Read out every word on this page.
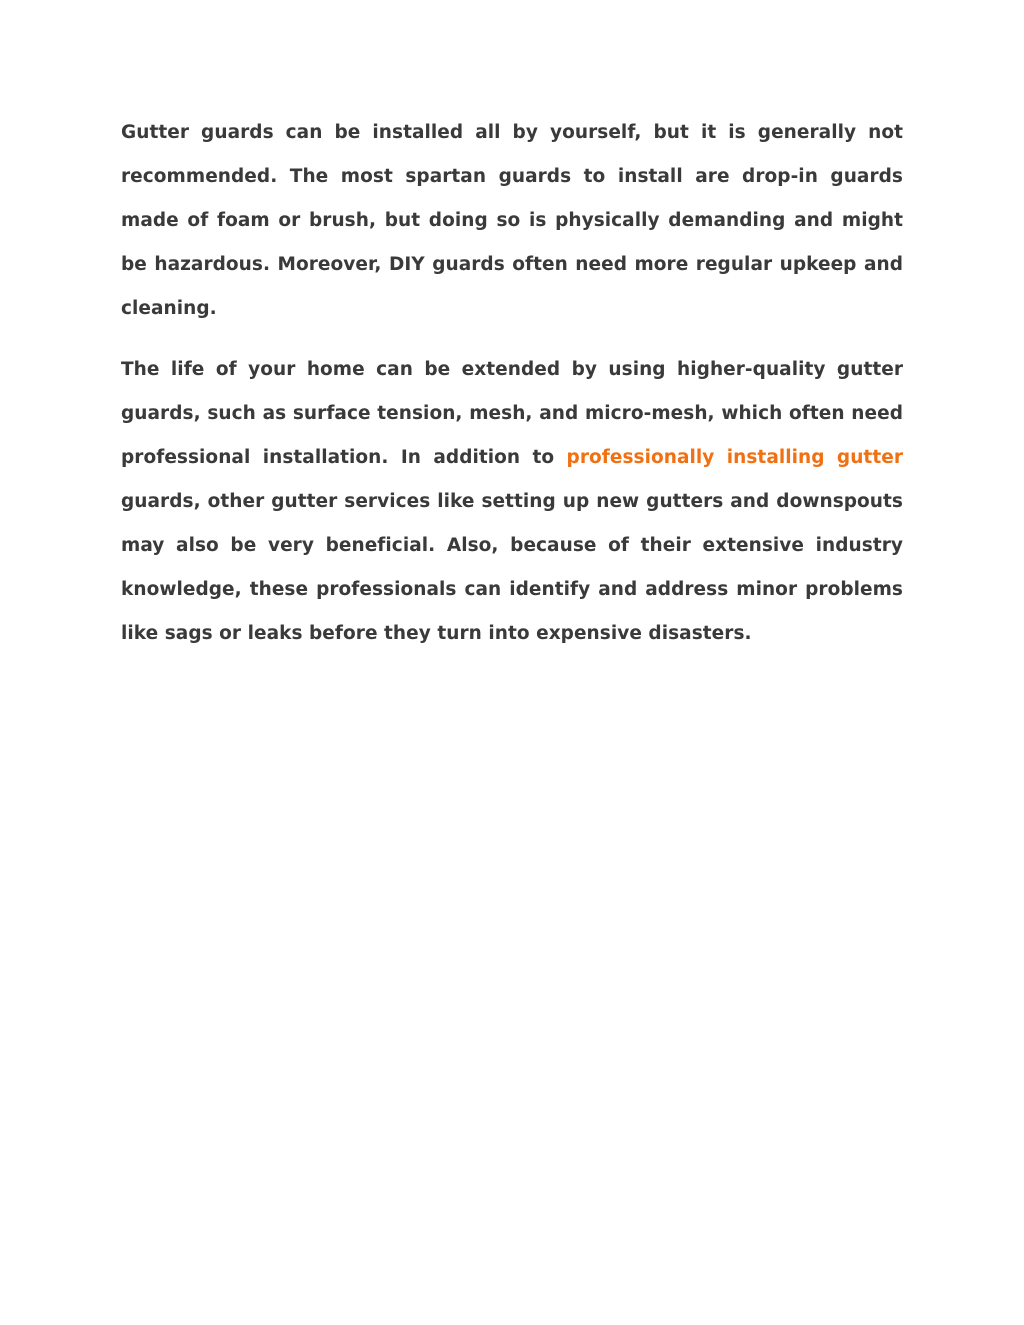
Gutter guards can be installed all by yourself, but it is generally not recommended. The most spartan guards to install are drop-in guards made of foam or brush, but doing so is physically demanding and might be hazardous. Moreover, DIY guards often need more regular upkeep and cleaning.

The life of your home can be extended by using higher-quality gutter guards, such as surface tension, mesh, and micro-mesh, which often need professional installation. In addition to professionally installing gutter guards, other gutter services like setting up new gutters and downspouts may also be very beneficial. Also, because of their extensive industry knowledge, these professionals can identify and address minor problems like sags or leaks before they turn into expensive disasters.
